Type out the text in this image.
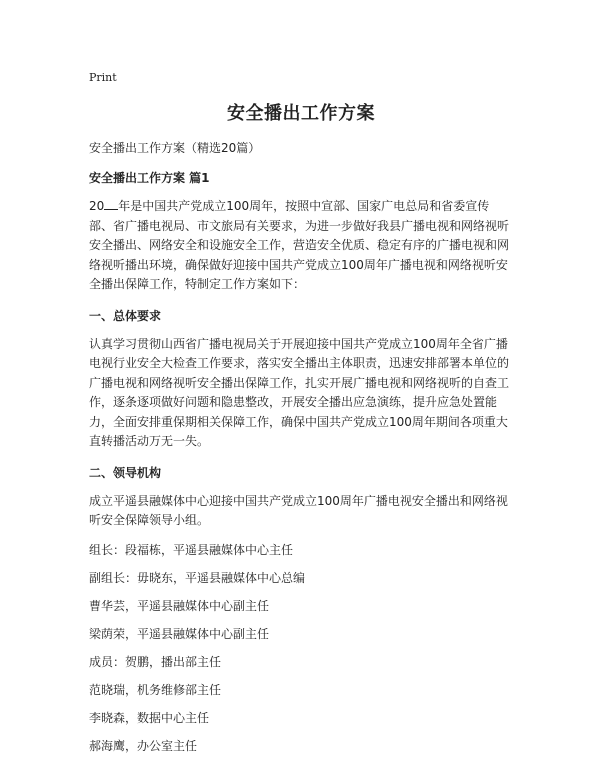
Print

安全播出工作方案

安全播出工作方案（精选20篇）

安全播出工作方案 篇1

20 年是中国共产党成立100周年，按照中宣部、国家广电总局和省委宣传部、省广播电视局、市文旅局有关要求，为进一步做好我县广播电视和网络视听安全播出、网络安全和设施安全工作，营造安全优质、稳定有序的广播电视和网络视听播出环境，确保做好迎接中国共产党成立100周年广播电视和网络视听安全播出保障工作，特制定工作方案如下：

一、总体要求

认真学习贯彻山西省广播电视局关于开展迎接中国共产党成立100周年全省广播电视行业安全大检查工作要求，落实安全播出主体职责，迅速安排部署本单位的广播电视和网络视听安全播出保障工作，扎实开展广播电视和网络视听的自查工作，逐条逐项做好问题和隐患整改，开展安全播出应急演练，提升应急处置能力，全面安排重保期相关保障工作，确保中国共产党成立100周年期间各项重大直转播活动万无一失。

二、领导机构

成立平遥县融媒体中心迎接中国共产党成立100周年广播电视安全播出和网络视听安全保障领导小组。

组长：段福栋，平遥县融媒体中心主任

副组长：毋晓东，平遥县融媒体中心总编

曹华芸，平遥县融媒体中心副主任

梁荫荣，平遥县融媒体中心副主任

成员：贺鹏，播出部主任

范晓瑞，机务维修部主任

李晓森，数据中心主任

郝海鹰，办公室主任
